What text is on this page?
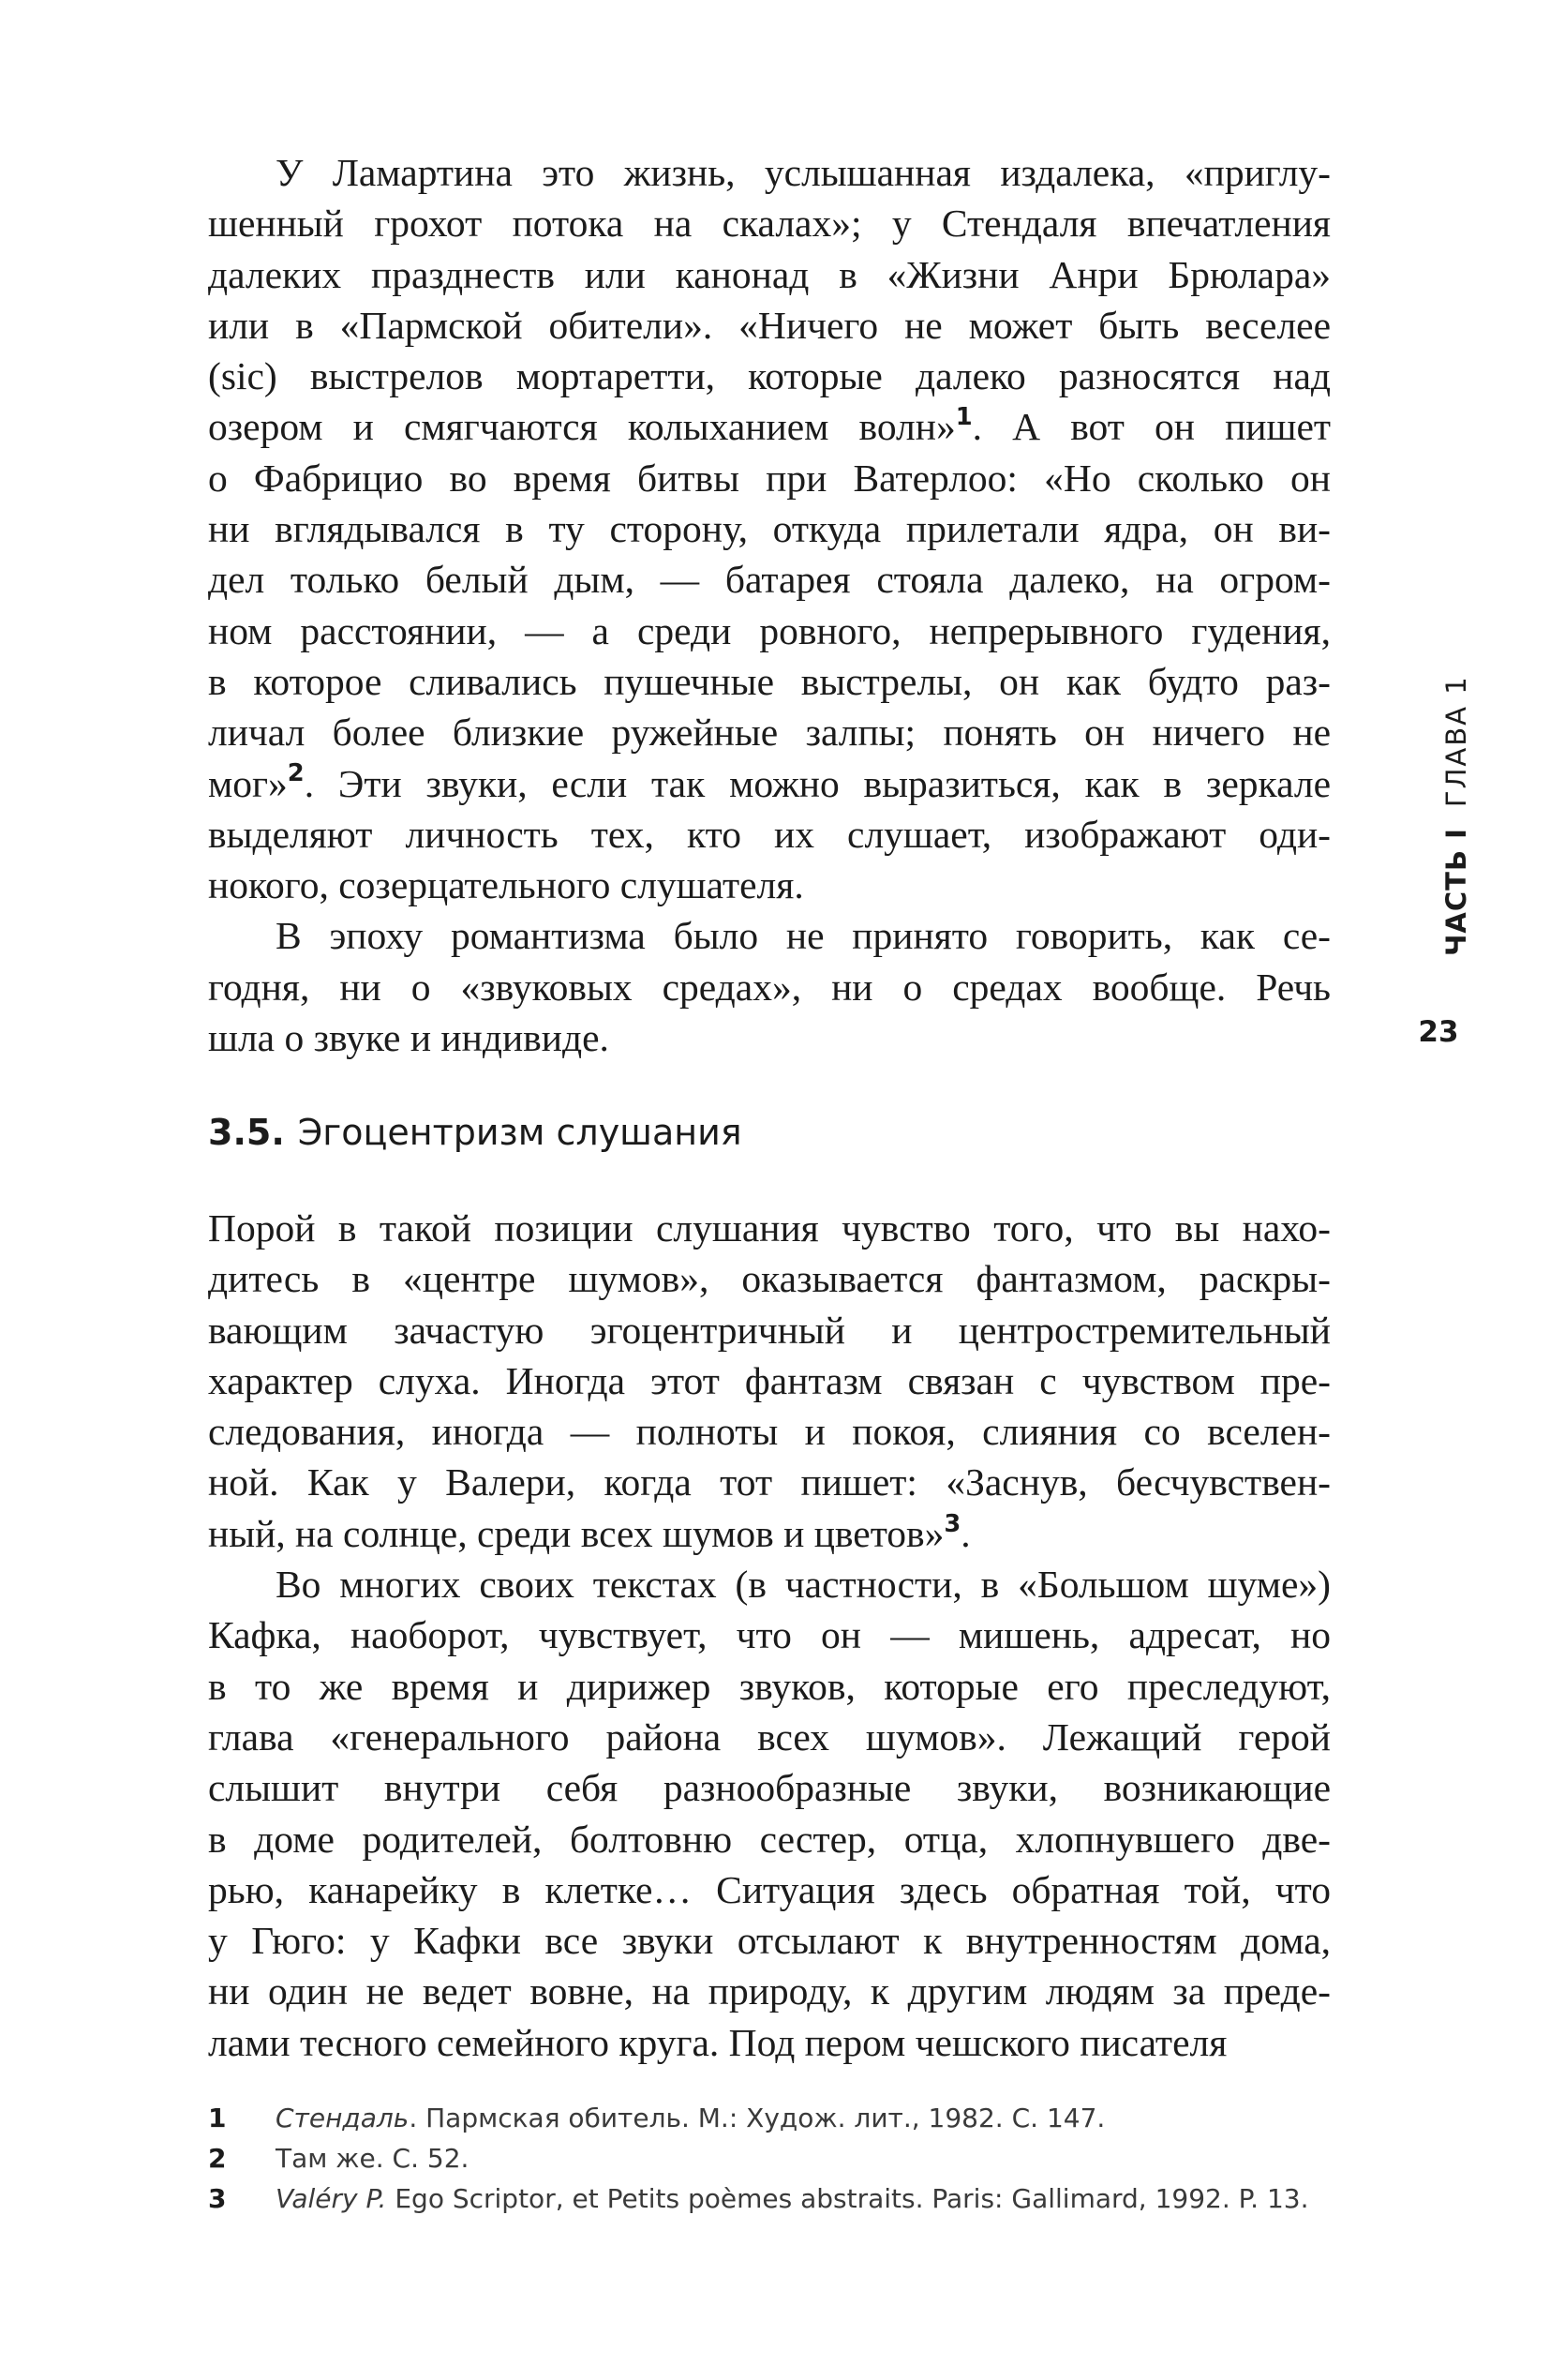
У Ламартина это жизнь, услышанная издалека, «приглу-
шенный грохот потока на скалах»; у Стендаля впечатления
далеких празднеств или канонад в «Жизни Анри Брюлара»
или в «Пармской обители». «Ничего не может быть веселее
(sic) выстрелов мортаретти, которые далеко разносятся над
озером и смягчаются колыханием волн»$^1$. А вот он пишет
о Фабрицио во время битвы при Ватерлоо: «Но сколько он
ни вглядывался в ту сторону, откуда прилетали ядра, он ви-
дел только белый дым, — батарея стояла далеко, на огром-
ном расстоянии, — а среди ровного, непрерывного гудения,
в которое сливались пушечные выстрелы, он как будто раз-
личал более близкие ружейные залпы; понять он ничего не
мог»$^2$. Эти звуки, если так можно выразиться, как в зеркале
выделяют личность тех, кто их слушает, изображают оди-
нокого, созерцательного слушателя.
В эпоху романтизма было не принято говорить, как се-
годня, ни о «звуковых средах», ни о средах вообще. Речь
шла о звуке и индивиде.
3.5. Эгоцентризм слушания
Порой в такой позиции слушания чувство того, что вы нахо-
дитесь в «центре шумов», оказывается фантазмом, раскры-
вающим зачастую эгоцентричный и центростремительный
характер слуха. Иногда этот фантазм связан с чувством пре-
следования, иногда — полноты и покоя, слияния со вселен-
ной. Как у Валери, когда тот пишет: «Заснув, бесчувствен-
ный, на солнце, среди всех шумов и цветов»$^3$.
Во многих своих текстах (в частности, в «Большом шуме»)
Кафка, наоборот, чувствует, что он — мишень, адресат, но
в то же время и дирижер звуков, которые его преследуют,
глава «генерального района всех шумов». Лежащий герой
слышит внутри себя разнообразные звуки, возникающие
в доме родителей, болтовню сестер, отца, хлопнувшего две-
рью, канарейку в клетке… Ситуация здесь обратная той, что
у Гюго: у Кафки все звуки отсылают к внутренностям дома,
ни один не ведет вовне, на природу, к другим людям за преде-
лами тесного семейного круга. Под пером чешского писателя
ЧАСТЬ IГЛАВА 1
23
1 Стендаль. Пармская обитель. М.: Худож. лит., 1982. С. 147.
2 Там же. С. 52.
3 Valéry P. Ego Scriptor, et Petits poèmes abstraits. Paris: Gallimard, 1992. P. 13.
